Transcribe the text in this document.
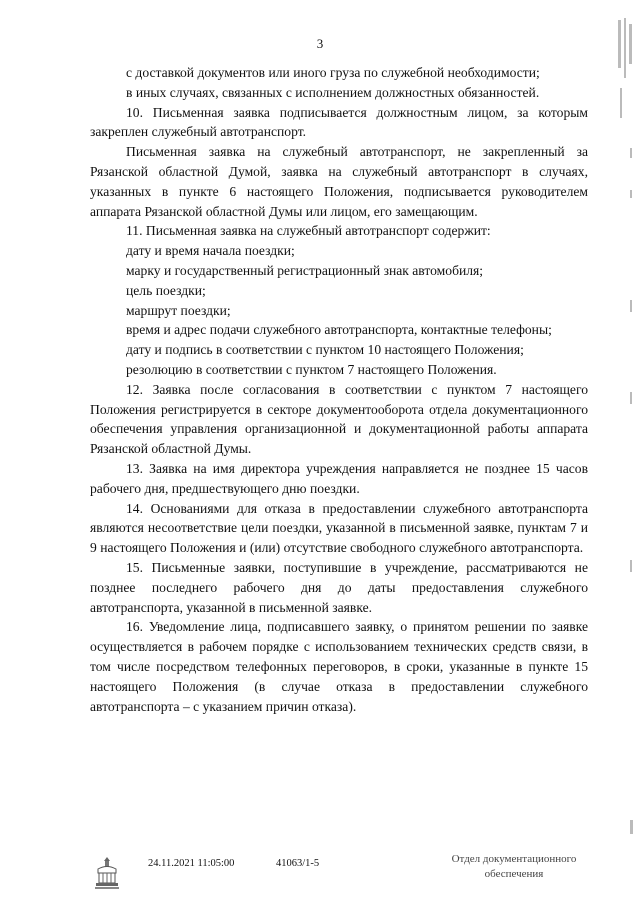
3

с доставкой документов или иного груза по служебной необходимости;

в иных случаях, связанных с исполнением должностных обязанностей.

10. Письменная заявка подписывается должностным лицом, за которым закреплен служебный автотранспорт.

Письменная заявка на служебный автотранспорт, не закрепленный за Рязанской областной Думой, заявка на служебный автотранспорт в случаях, указанных в пункте 6 настоящего Положения, подписывается руководителем аппарата Рязанской областной Думы или лицом, его замещающим.

11. Письменная заявка на служебный автотранспорт содержит:

дату и время начала поездки;

марку и государственный регистрационный знак автомобиля;

цель поездки;

маршрут поездки;

время и адрес подачи служебного автотранспорта, контактные телефоны;

дату и подпись в соответствии с пунктом 10 настоящего Положения;

резолюцию в соответствии с пунктом 7 настоящего Положения.

12. Заявка после согласования в соответствии с пунктом 7 настоящего Положения регистрируется в секторе документооборота отдела документационного обеспечения управления организационной и документационной работы аппарата Рязанской областной Думы.

13. Заявка на имя директора учреждения направляется не позднее 15 часов рабочего дня, предшествующего дню поездки.

14. Основаниями для отказа в предоставлении служебного автотранспорта являются несоответствие цели поездки, указанной в письменной заявке, пунктам 7 и 9 настоящего Положения и (или) отсутствие свободного служебного автотранспорта.

15. Письменные заявки, поступившие в учреждение, рассматриваются не позднее последнего рабочего дня до даты предоставления служебного автотранспорта, указанной в письменной заявке.

16. Уведомление лица, подписавшего заявку, о принятом решении по заявке осуществляется в рабочем порядке с использованием технических средств связи, в том числе посредством телефонных переговоров, в сроки, указанные в пункте 15 настоящего Положения (в случае отказа в предоставлении служебного автотранспорта – с указанием причин отказа).

24.11.2021 11:05:00	41063/1-5	Отдел документационного
обеспечения
